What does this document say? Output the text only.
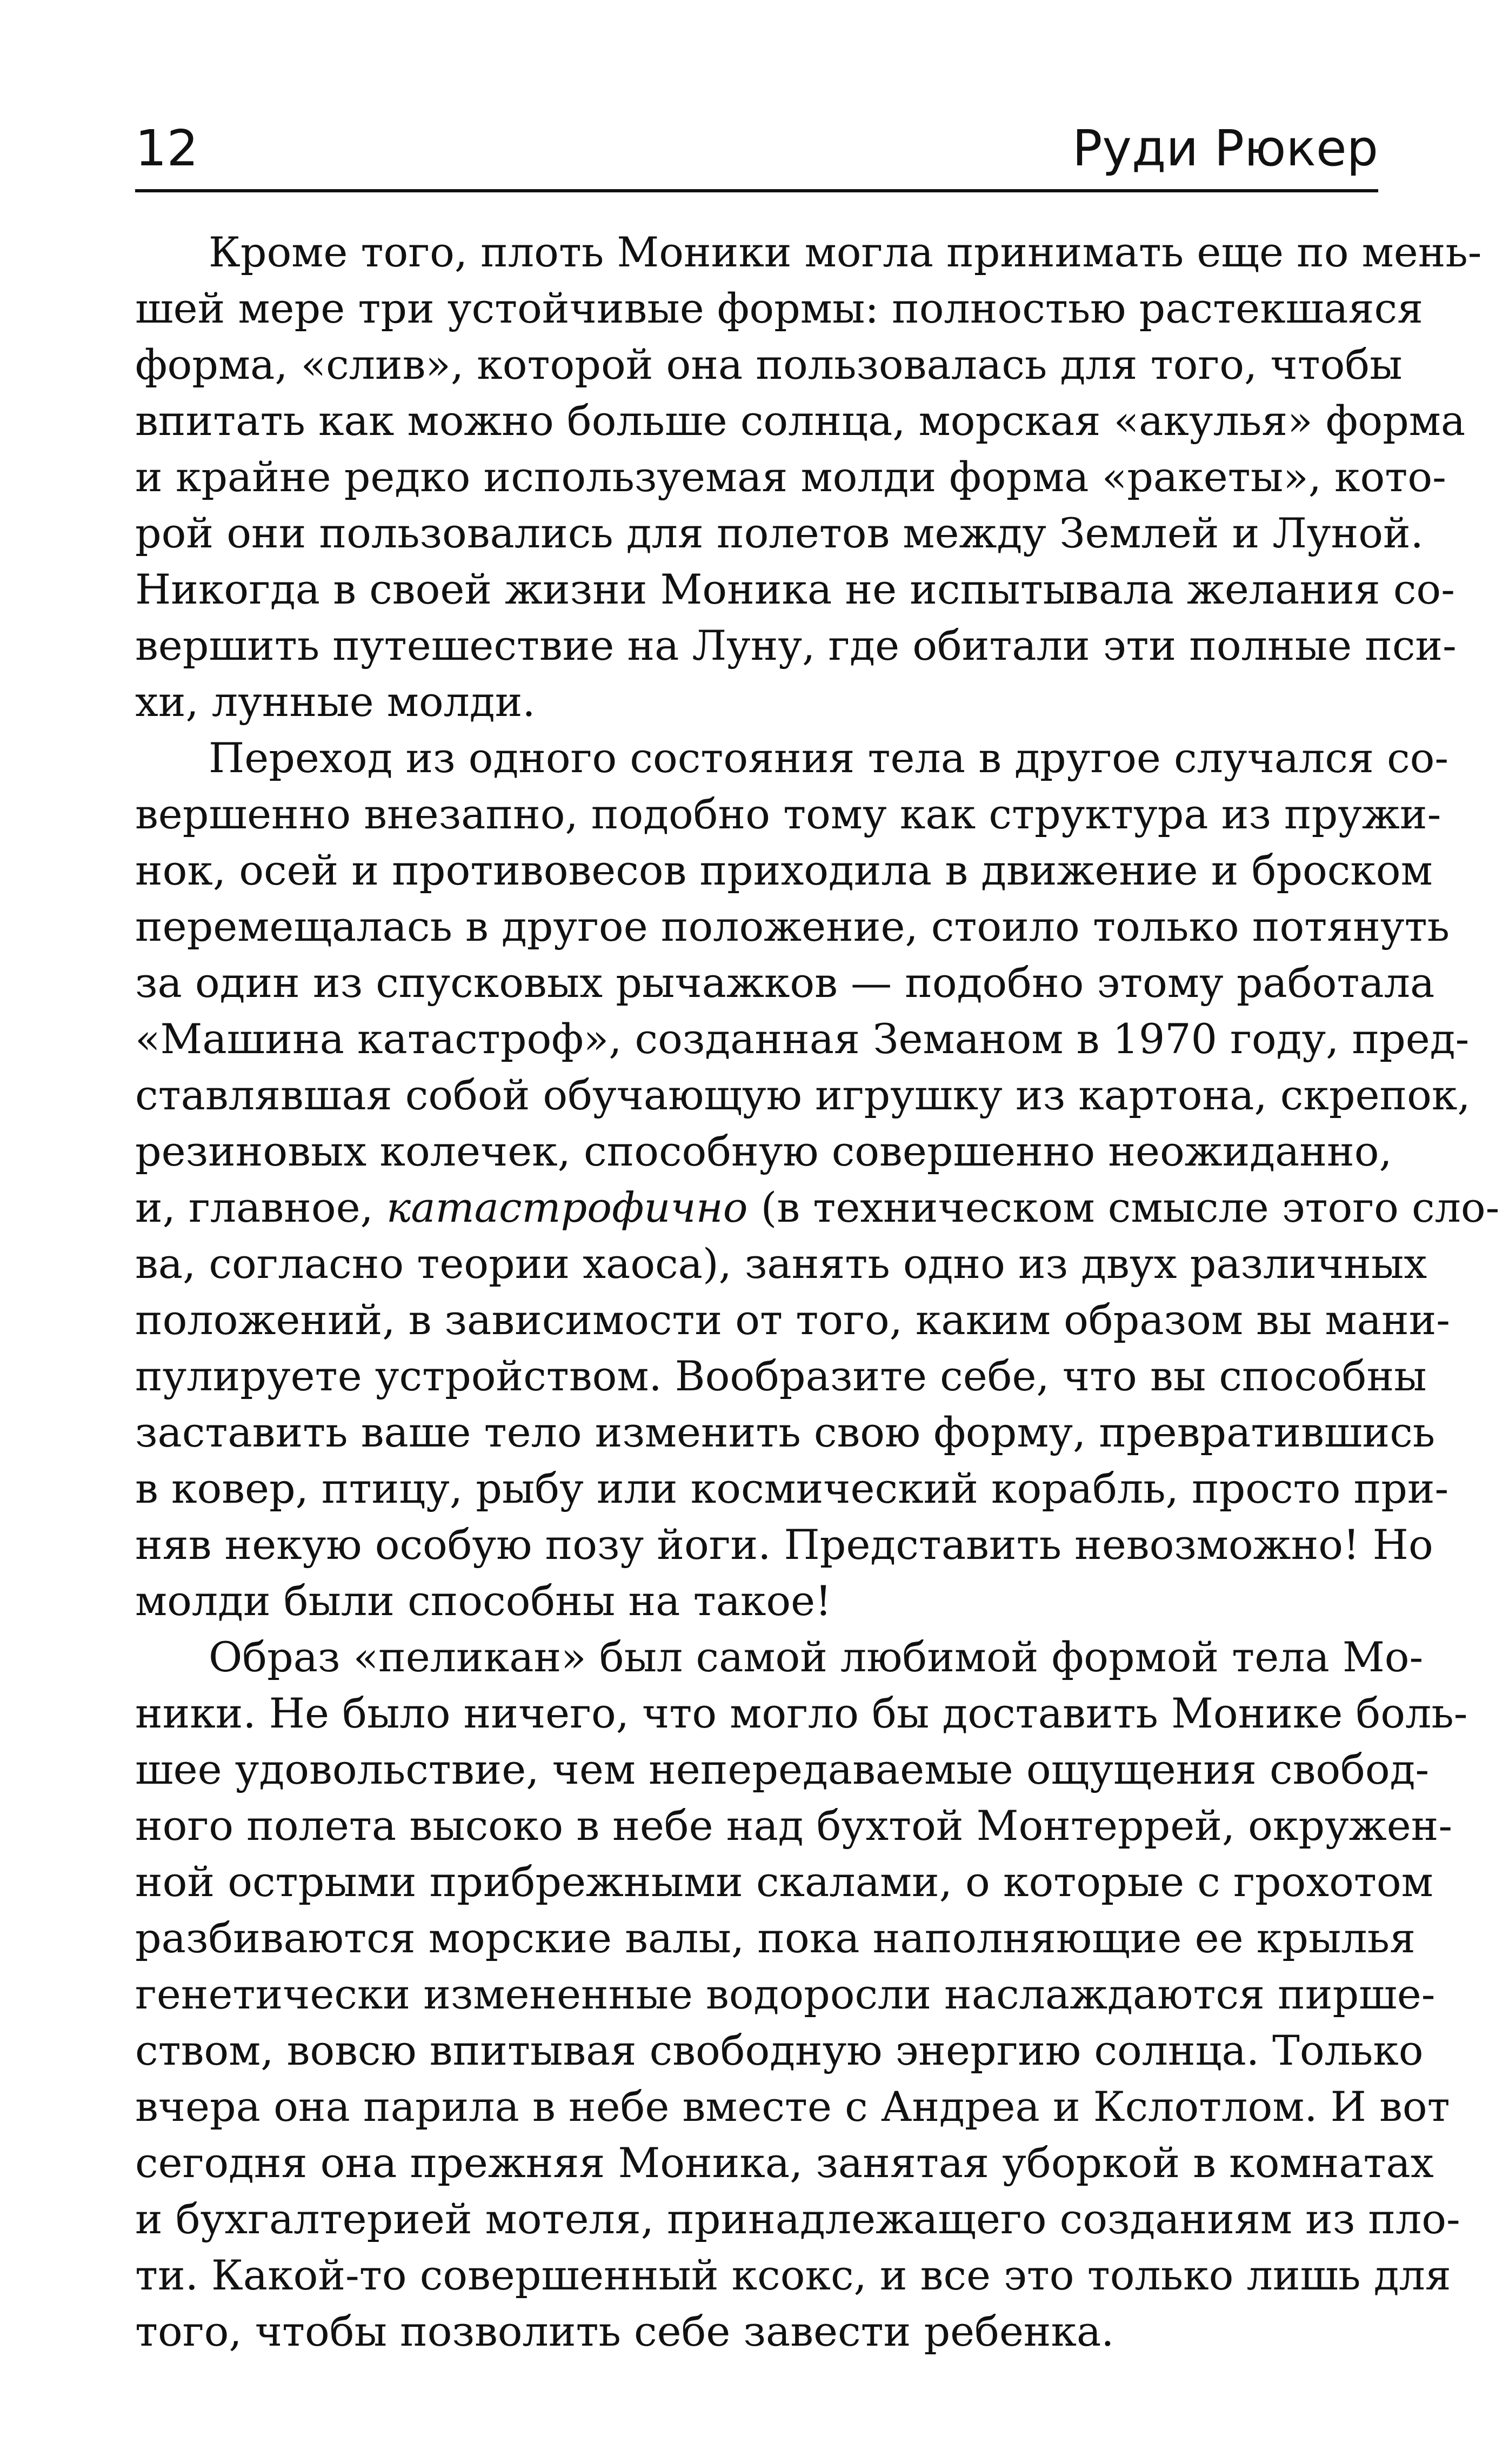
12	Руди Рюкер
Кроме того, плоть Моники могла принимать еще по мень-
шей мере три устойчивые формы: полностью растекшаяся
форма, «слив», которой она пользовалась для того, чтобы
впитать как можно больше солнца, морская «акулья» форма
и крайне редко используемая молди форма «ракеты», кото-
рой они пользовались для полетов между Землей и Луной.
Никогда в своей жизни Моника не испытывала желания со-
вершить путешествие на Луну, где обитали эти полные пси-
хи, лунные молди.
Переход из одного состояния тела в другое случался со-
вершенно внезапно, подобно тому как структура из пружи-
нок, осей и противовесов приходила в движение и броском
перемещалась в другое положение, стоило только потянуть
за один из спусковых рычажков — подобно этому работала
«Машина катастроф», созданная Земаном в 1970 году, пред-
ставлявшая собой обучающую игрушку из картона, скрепок,
резиновых колечек, способную совершенно неожиданно,
и, главное, катастрофично (в техническом смысле этого сло-
ва, согласно теории хаоса), занять одно из двух различных
положений, в зависимости от того, каким образом вы мани-
пулируете устройством. Вообразите себе, что вы способны
заставить ваше тело изменить свою форму, превратившись
в ковер, птицу, рыбу или космический корабль, просто при-
няв некую особую позу йоги. Представить невозможно! Но
молди были способны на такое!
Образ «пеликан» был самой любимой формой тела Мо-
ники. Не было ничего, что могло бы доставить Монике боль-
шее удовольствие, чем непередаваемые ощущения свобод-
ного полета высоко в небе над бухтой Монтеррей, окружен-
ной острыми прибрежными скалами, о которые с грохотом
разбиваются морские валы, пока наполняющие ее крылья
генетически измененные водоросли наслаждаются пирше-
ством, вовсю впитывая свободную энергию солнца. Только
вчера она парила в небе вместе с Андреа и Кслотлом. И вот
сегодня она прежняя Моника, занятая уборкой в комнатах
и бухгалтерией мотеля, принадлежащего созданиям из пло-
ти. Какой-то совершенный ксокс, и все это только лишь для
того, чтобы позволить себе завести ребенка.
